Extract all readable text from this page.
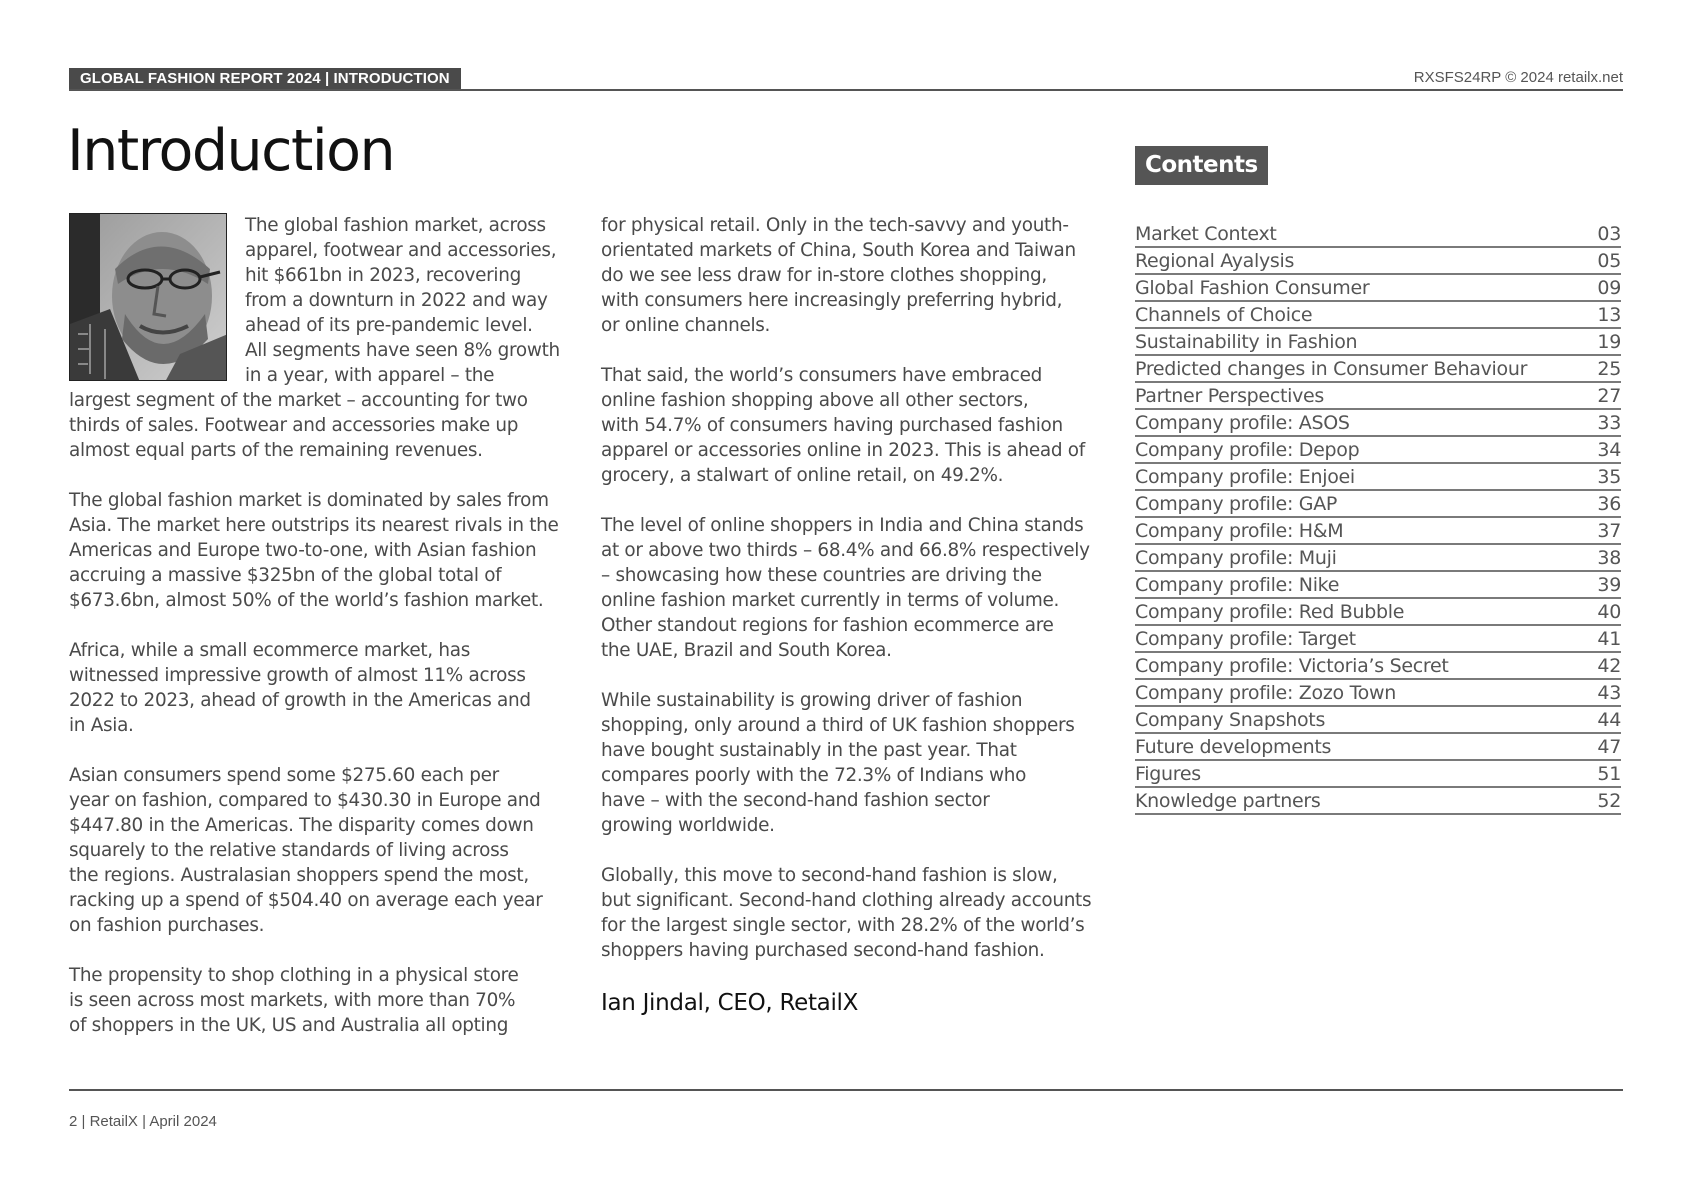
GLOBAL FASHION REPORT 2024 | INTRODUCTION	RXSFS24RP © 2024 retailx.net
Introduction
The global fashion market, across
apparel, footwear and accessories,
hit $661bn in 2023, recovering
from a downturn in 2022 and way
ahead of its pre-pandemic level.
All segments have seen 8% growth
in a year, with apparel – the
largest segment of the market – accounting for two
thirds of sales. Footwear and accessories make up
almost equal parts of the remaining revenues.
The global fashion market is dominated by sales from
Asia. The market here outstrips its nearest rivals in the
Americas and Europe two-to-one, with Asian fashion
accruing a massive $325bn of the global total of
$673.6bn, almost 50% of the world’s fashion market.
Africa, while a small ecommerce market, has
witnessed impressive growth of almost 11% across
2022 to 2023, ahead of growth in the Americas and
in Asia.
Asian consumers spend some $275.60 each per
year on fashion, compared to $430.30 in Europe and
$447.80 in the Americas. The disparity comes down
squarely to the relative standards of living across
the regions. Australasian shoppers spend the most,
racking up a spend of $504.40 on average each year
on fashion purchases.
The propensity to shop clothing in a physical store
is seen across most markets, with more than 70%
of shoppers in the UK, US and Australia all opting
for physical retail. Only in the tech-savvy and youth-
orientated markets of China, South Korea and Taiwan
do we see less draw for in-store clothes shopping,
with consumers here increasingly preferring hybrid,
or online channels.
That said, the world’s consumers have embraced
online fashion shopping above all other sectors,
with 54.7% of consumers having purchased fashion
apparel or accessories online in 2023. This is ahead of
grocery, a stalwart of online retail, on 49.2%.
The level of online shoppers in India and China stands
at or above two thirds – 68.4% and 66.8% respectively
– showcasing how these countries are driving the
online fashion market currently in terms of volume.
Other standout regions for fashion ecommerce are
the UAE, Brazil and South Korea.
While sustainability is growing driver of fashion
shopping, only around a third of UK fashion shoppers
have bought sustainably in the past year. That
compares poorly with the 72.3% of Indians who
have – with the second-hand fashion sector
growing worldwide.
Globally, this move to second-hand fashion is slow,
but significant. Second-hand clothing already accounts
for the largest single sector, with 28.2% of the world’s
shoppers having purchased second-hand fashion.
Ian Jindal, CEO, RetailX
Contents
Market Context	03
Regional Ayalysis	05
Global Fashion Consumer	09
Channels of Choice	13
Sustainability in Fashion	19
Predicted changes in Consumer Behaviour	25
Partner Perspectives	27
Company profile: ASOS	33
Company profile: Depop	34
Company profile: Enjoei	35
Company profile: GAP	36
Company profile: H&M	37
Company profile: Muji	38
Company profile: Nike	39
Company profile: Red Bubble	40
Company profile: Target	41
Company profile: Victoria’s Secret	42
Company profile: Zozo Town	43
Company Snapshots	44
Future developments	47
Figures	51
Knowledge partners	52
2 | RetailX | April 2024
